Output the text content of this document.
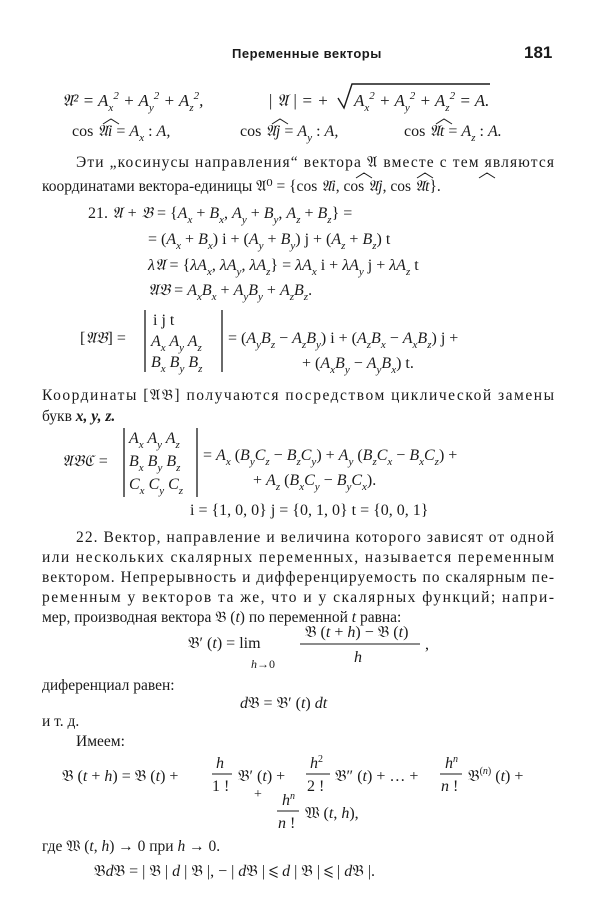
Переменные векторы	181
𝔄² = $A_x^2 + A_y^2 + A_z^2$,	| 𝔄 | = + $A_x^2 + A_y^2 + A_z^2 = A$.
cos 𝔄i = $A_x$ : A,	cos 𝔄j = $A_y$ : A,	cos 𝔄t = $A_z$ : A.
Эти „косинусы направления“ вектора 𝔄 вместе с тем являются
координатами вектора-единицы 𝔄⁰ = {cos 𝔄i, cos 𝔄j, cos 𝔄t}.
21. 𝔄 + 𝔅 = {$A_x + B_x$, $A_y + B_y$, $A_z + B_z$} =
= $(A_x + B_x) i + (A_y + B_y) j + (A_z + B_z)$ t
λ𝔄 = {$\lambda A_x$, $\lambda A_y$, $\lambda A_z\} = \lambda A_x$ $i + \lambda A_y$ $j + \lambda A_z$ t
𝔄𝔅 = $A_xB_x + A_yB_y + A_zB_z$.
[𝔄𝔅] =
i j t
$A_x$ $A_y$ $A_z$
$B_x$ $B_y$ $B_z$
= $(A_yB_z - A_zB_y) i + (A_zB_x - A_xB_z) j$ +
+ $(A_xB_y - A_yB_x)$ t.
Координаты [𝔄𝔅] получаются посредством циклической замены
букв x, y, z.
𝔄𝔅ℭ =
$A_x$ $A_y$ $A_z$
$B_x$ $B_y$ $B_z$
$C_x$ $C_y$ $C_z$
= $A_x$ $(B_yC_z - B_zC_y) + A_y$ $(B_zC_x - B_xC_z)$ +
+ $A_z$ $(B_xC_y - B_yC_x)$.
i = {1, 0, 0} j = {0, 1, 0} t = {0, 0, 1}
22. Вектор, направление и величина которого зависят от одной
или нескольких скалярных переменных, называется переменным
вектором. Непрерывность и дифференцируемость по скалярным пе-
ременным у векторов та же, что и у скалярных функций; напри-
мер, производная вектора 𝔅 (t) по переменной t равна:
𝔅′ (t) = lim
h→0
𝔅 (t + h) − 𝔅 (t)
h
,
диференциал равен:
d𝔅 = 𝔅′ (t) dt
и т. д.
Имеем:
𝔅 (t + h) = 𝔅 (t) +
h
1 !
𝔅′ (t) +
$h^2$
2 !
𝔅″ (t) + … +
$h^n$
n !
𝔅$^{(n)}$ (t) +
+ $h^n$
n !
𝔚 (t, h),
где 𝔚 (t, h) → 0 при h → 0.
𝔅d𝔅 = | 𝔅 | d | 𝔅 |, − | d𝔅 | ⩽ d | 𝔅 | ⩽ | d𝔅 |.
